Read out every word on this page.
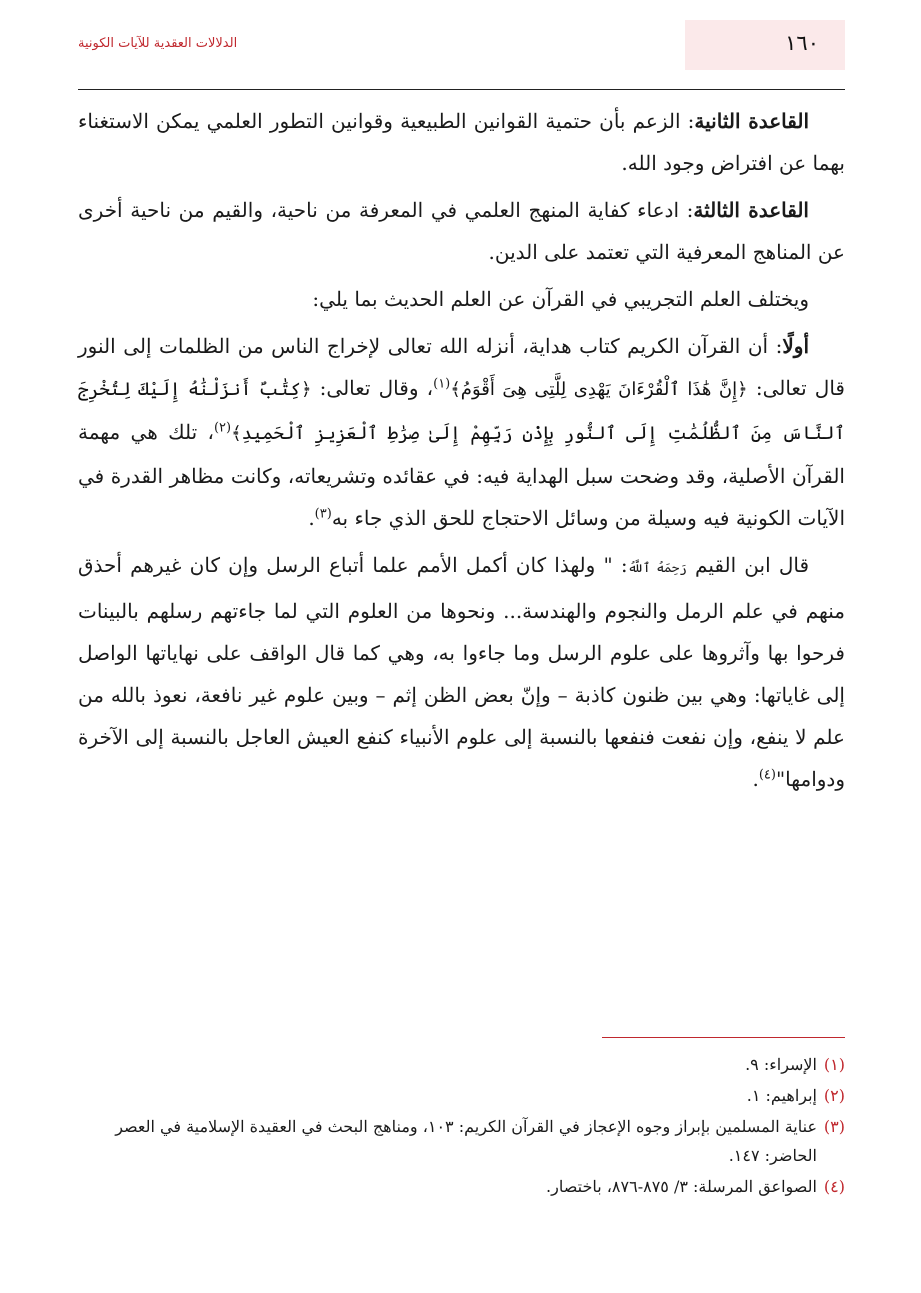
الدلالات العقدية للآيات الكونية	١٦٠

القاعدة الثانية: الزعم بأن حتمية القوانين الطبيعية وقوانين التطور العلمي يمكن الاستغناء بهما عن افتراض وجود الله.

القاعدة الثالثة: ادعاء كفاية المنهج العلمي في المعرفة من ناحية، والقيم من ناحية أخرى عن المناهج المعرفية التي تعتمد على الدين.

ويختلف العلم التجريبي في القرآن عن العلم الحديث بما يلي:

أولًا: أن القرآن الكريم كتاب هداية، أنزله الله تعالى لإخراج الناس من الظلمات إلى النور قال تعالى: ﴿إِنَّ هَٰذَا ٱلْقُرْءَانَ يَهْدِى لِلَّتِى هِىَ أَقْوَمُ﴾$^{(١)}$، وقال تعالى: ﴿كِتَٰبٌ أَنزَلْنَٰهُ إِلَيْكَ لِتُخْرِجَ ٱلنَّاسَ مِنَ ٱلظُّلُمَٰتِ إِلَى ٱلنُّورِ بِإِذْنِ رَبِّهِمْ إِلَىٰ صِرَٰطِ ٱلْعَزِيزِ ٱلْحَمِيدِ﴾$^{(٢)}$، تلك هي مهمة القرآن الأصلية، وقد وضحت سبل الهداية فيه: في عقائده وتشريعاته، وكانت مظاهر القدرة في الآيات الكونية فيه وسيلة من وسائل الاحتجاج للحق الذي جاء به$^{(٣)}$.

قال ابن القيم رَحِمَهُ ٱللَّهُ: " ولهذا كان أكمل الأمم علما أتباع الرسل وإن كان غيرهم أحذق منهم في علم الرمل والنجوم والهندسة... ونحوها من العلوم التي لما جاءتهم رسلهم بالبينات فرحوا بها وآثروها على علوم الرسل وما جاءوا به، وهي كما قال الواقف على نهاياتها الواصل إلى غاياتها: وهي بين ظنون كاذبة – وإنّ بعض الظن إثم – وبين علوم غير نافعة، نعوذ بالله من علم لا ينفع، وإن نفعت فنفعها بالنسبة إلى علوم الأنبياء كنفع العيش العاجل بالنسبة إلى الآخرة ودوامها"$^{(٤)}$.

(١)
الإسراء: ٩.
(٢)
إبراهيم: ١.
(٣)
عناية المسلمين بإبراز وجوه الإعجاز في القرآن الكريم: ١٠٣، ومناهج البحث في العقيدة الإسلامية في العصر الحاضر: ١٤٧.
(٤)
الصواعق المرسلة: ٣/ ٨٧٥-٨٧٦، باختصار.
